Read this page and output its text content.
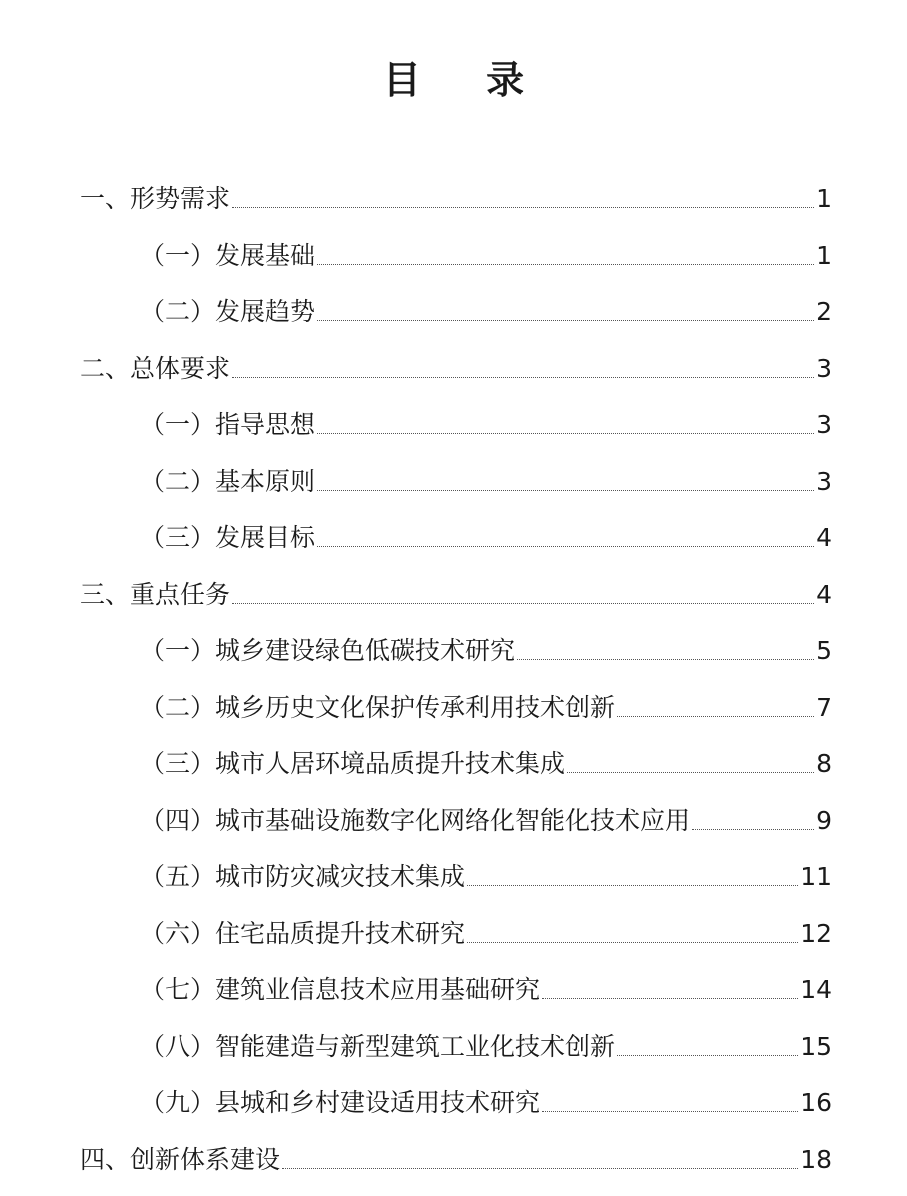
目 录
一、形势需求	1
（一）发展基础	1
（二）发展趋势	2
二、总体要求	3
（一）指导思想	3
（二）基本原则	3
（三）发展目标	4
三、重点任务	4
（一）城乡建设绿色低碳技术研究	5
（二）城乡历史文化保护传承利用技术创新	7
（三）城市人居环境品质提升技术集成	8
（四）城市基础设施数字化网络化智能化技术应用	9
（五）城市防灾减灾技术集成	11
（六）住宅品质提升技术研究	12
（七）建筑业信息技术应用基础研究	14
（八）智能建造与新型建筑工业化技术创新	15
（九）县城和乡村建设适用技术研究	16
四、创新体系建设	18
